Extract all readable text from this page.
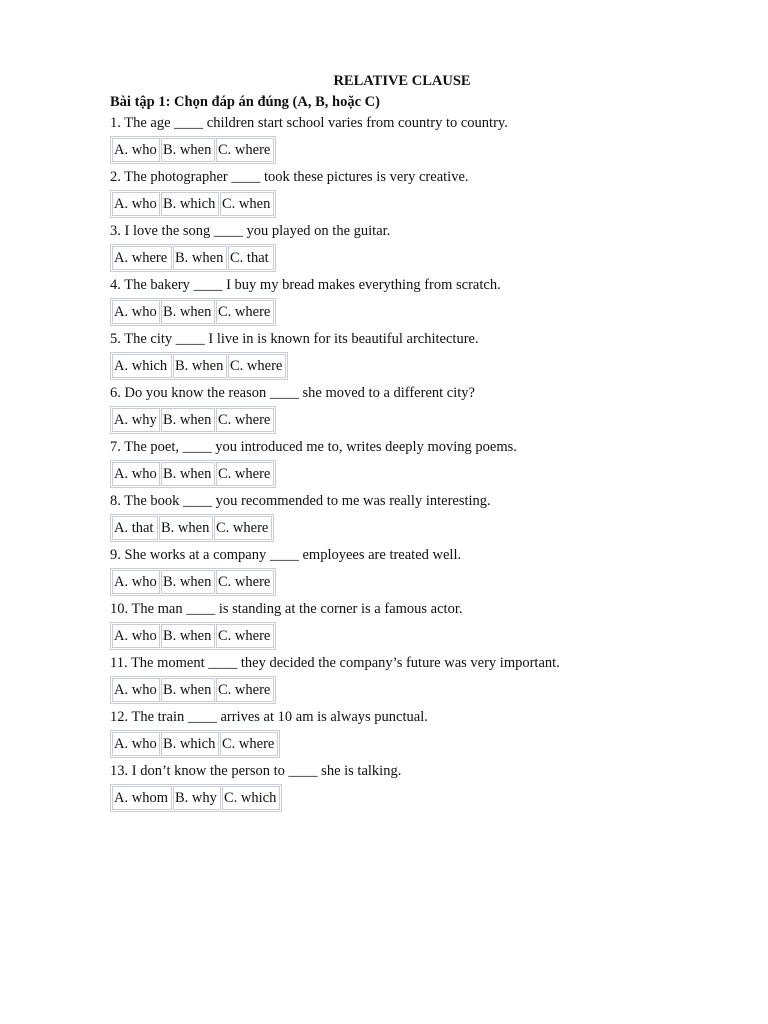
RELATIVE CLAUSE
Bài tập 1: Chọn đáp án đúng (A, B, hoặc C)
1. The age ____ children start school varies from country to country.
A. who	B. when	C. where
2. The photographer ____ took these pictures is very creative.
A. who	B. which	C. when
3. I love the song ____ you played on the guitar.
A. where	B. when	C. that
4. The bakery ____ I buy my bread makes everything from scratch.
A. who	B. when	C. where
5. The city ____ I live in is known for its beautiful architecture.
A. which	B. when	C. where
6. Do you know the reason ____ she moved to a different city?
A. why	B. when	C. where
7. The poet, ____ you introduced me to, writes deeply moving poems.
A. who	B. when	C. where
8. The book ____ you recommended to me was really interesting.
A. that	B. when	C. where
9. She works at a company ____ employees are treated well.
A. who	B. when	C. where
10. The man ____ is standing at the corner is a famous actor.
A. who	B. when	C. where
11. The moment ____ they decided the company’s future was very important.
A. who	B. when	C. where
12. The train ____ arrives at 10 am is always punctual.
A. who	B. which	C. where
13. I don’t know the person to ____ she is talking.
A. whom	B. why	C. which
